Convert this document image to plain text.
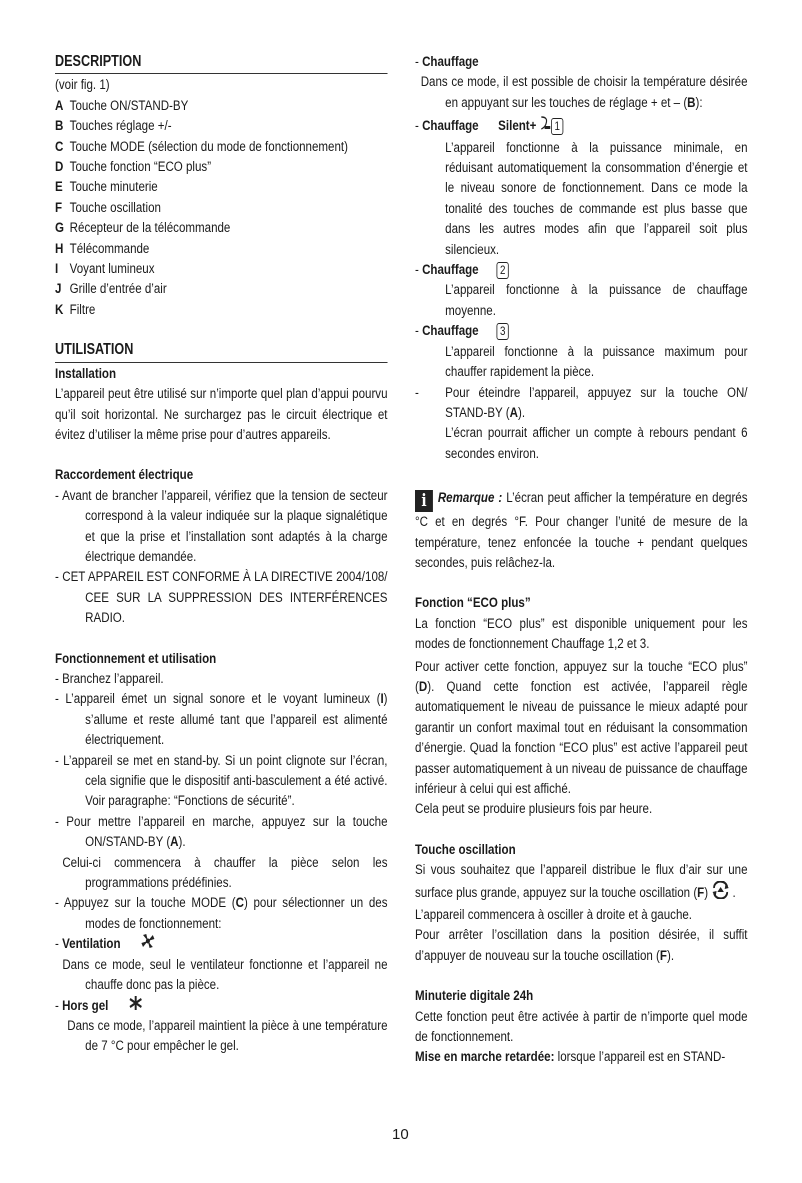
DESCRIPTION
(voir fig. 1)
A Touche ON/STAND-BY
B Touches réglage +/-
C Touche MODE (sélection du mode de fonctionnement)
D Touche fonction “ECO plus”
E Touche minuterie
F Touche oscillation
G Récepteur de la télécommande
H Télécommande
I Voyant lumineux
J Grille d’entrée d’air
K Filtre
UTILISATION
Installation
L’appareil peut être utilisé sur n’importe quel plan d’appui pourvu qu’il soit horizontal. Ne surchargez pas le circuit électrique et évitez d’utiliser la même prise pour d’autres appareils.
Raccordement électrique
- Avant de brancher l’appareil, vérifiez que la tension de secteur correspond à la valeur indiquée sur la plaque signalétique et que la prise et l’installation sont adaptés à la charge électrique demandée.
- CET APPAREIL EST CONFORME À LA DIRECTIVE 2004/108/ CEE SUR LA SUPPRESSION DES INTERFÉRENCES RADIO.
Fonctionnement et utilisation
- Branchez l’appareil.
- L’appareil émet un signal sonore et le voyant lumineux (I) s’allume et reste allumé tant que l’appareil est alimenté électriquement.
- L’appareil se met en stand-by. Si un point clignote sur l’écran, cela signifie que le dispositif anti-basculement a été activé. Voir paragraphe: “Fonctions de sécurité”.
- Pour mettre l’appareil en marche, appuyez sur la touche ON/STAND-BY (A).
Celui-ci commencera à chauffer la pièce selon les programmations prédéfinies.
- Appuyez sur la touche MODE (C) pour sélectionner un des modes de fonctionnement:
- Ventilation
Dans ce mode, seul le ventilateur fonctionne et l’appareil ne chauffe donc pas la pièce.
- Hors gel
Dans ce mode, l’appareil maintient la pièce à une température de 7 °C pour empêcher le gel.
- Chauffage
Dans ce mode, il est possible de choisir la température désirée en appuyant sur les touches de réglage + et – (B):
- Chauffage Silent+ 1
L’appareil fonctionne à la puissance minimale, en réduisant automatiquement la consommation d’énergie et le niveau sonore de fonctionnement. Dans ce mode la tonalité des touches de commande est plus basse que dans les autres modes afin que l’appareil soit plus silencieux.
- Chauffage 2
L’appareil fonctionne à la puissance de chauffage moyenne.
- Chauffage 3
L’appareil fonctionne à la puissance maximum pour chauffer rapidement la pièce.
- Pour éteindre l’appareil, appuyez sur la touche ON/ STAND-BY (A).
L’écran pourrait afficher un compte à rebours pendant 6 secondes environ.
i Remarque : L’écran peut afficher la température en degrés °C et en degrés °F. Pour changer l’unité de mesure de la température, tenez enfoncée la touche + pendant quelques secondes, puis relâchez-la.
Fonction “ECO plus”
La fonction “ECO plus” est disponible uniquement pour les modes de fonctionnement Chauffage 1,2 et 3.
Pour activer cette fonction, appuyez sur la touche “ECO plus” (D). Quand cette fonction est activée, l’appareil règle automatiquement le niveau de puissance le mieux adapté pour garantir un confort maximal tout en réduisant la consommation d’énergie. Quad la fonction “ECO plus” est active l’appareil peut passer automatiquement à un niveau de puissance de chauffage inférieur à celui qui est affiché.
Cela peut se produire plusieurs fois par heure.
Touche oscillation
Si vous souhaitez que l’appareil distribue le flux d’air sur une surface plus grande, appuyez sur la touche oscillation (F)  .
L’appareil commencera à osciller à droite et à gauche.
Pour arrêter l’oscillation dans la position désirée, il suffit d’appuyer de nouveau sur la touche oscillation (F).
Minuterie digitale 24h
Cette fonction peut être activée à partir de n’importe quel mode de fonctionnement.
Mise en marche retardée: lorsque l’appareil est en STAND-
10
